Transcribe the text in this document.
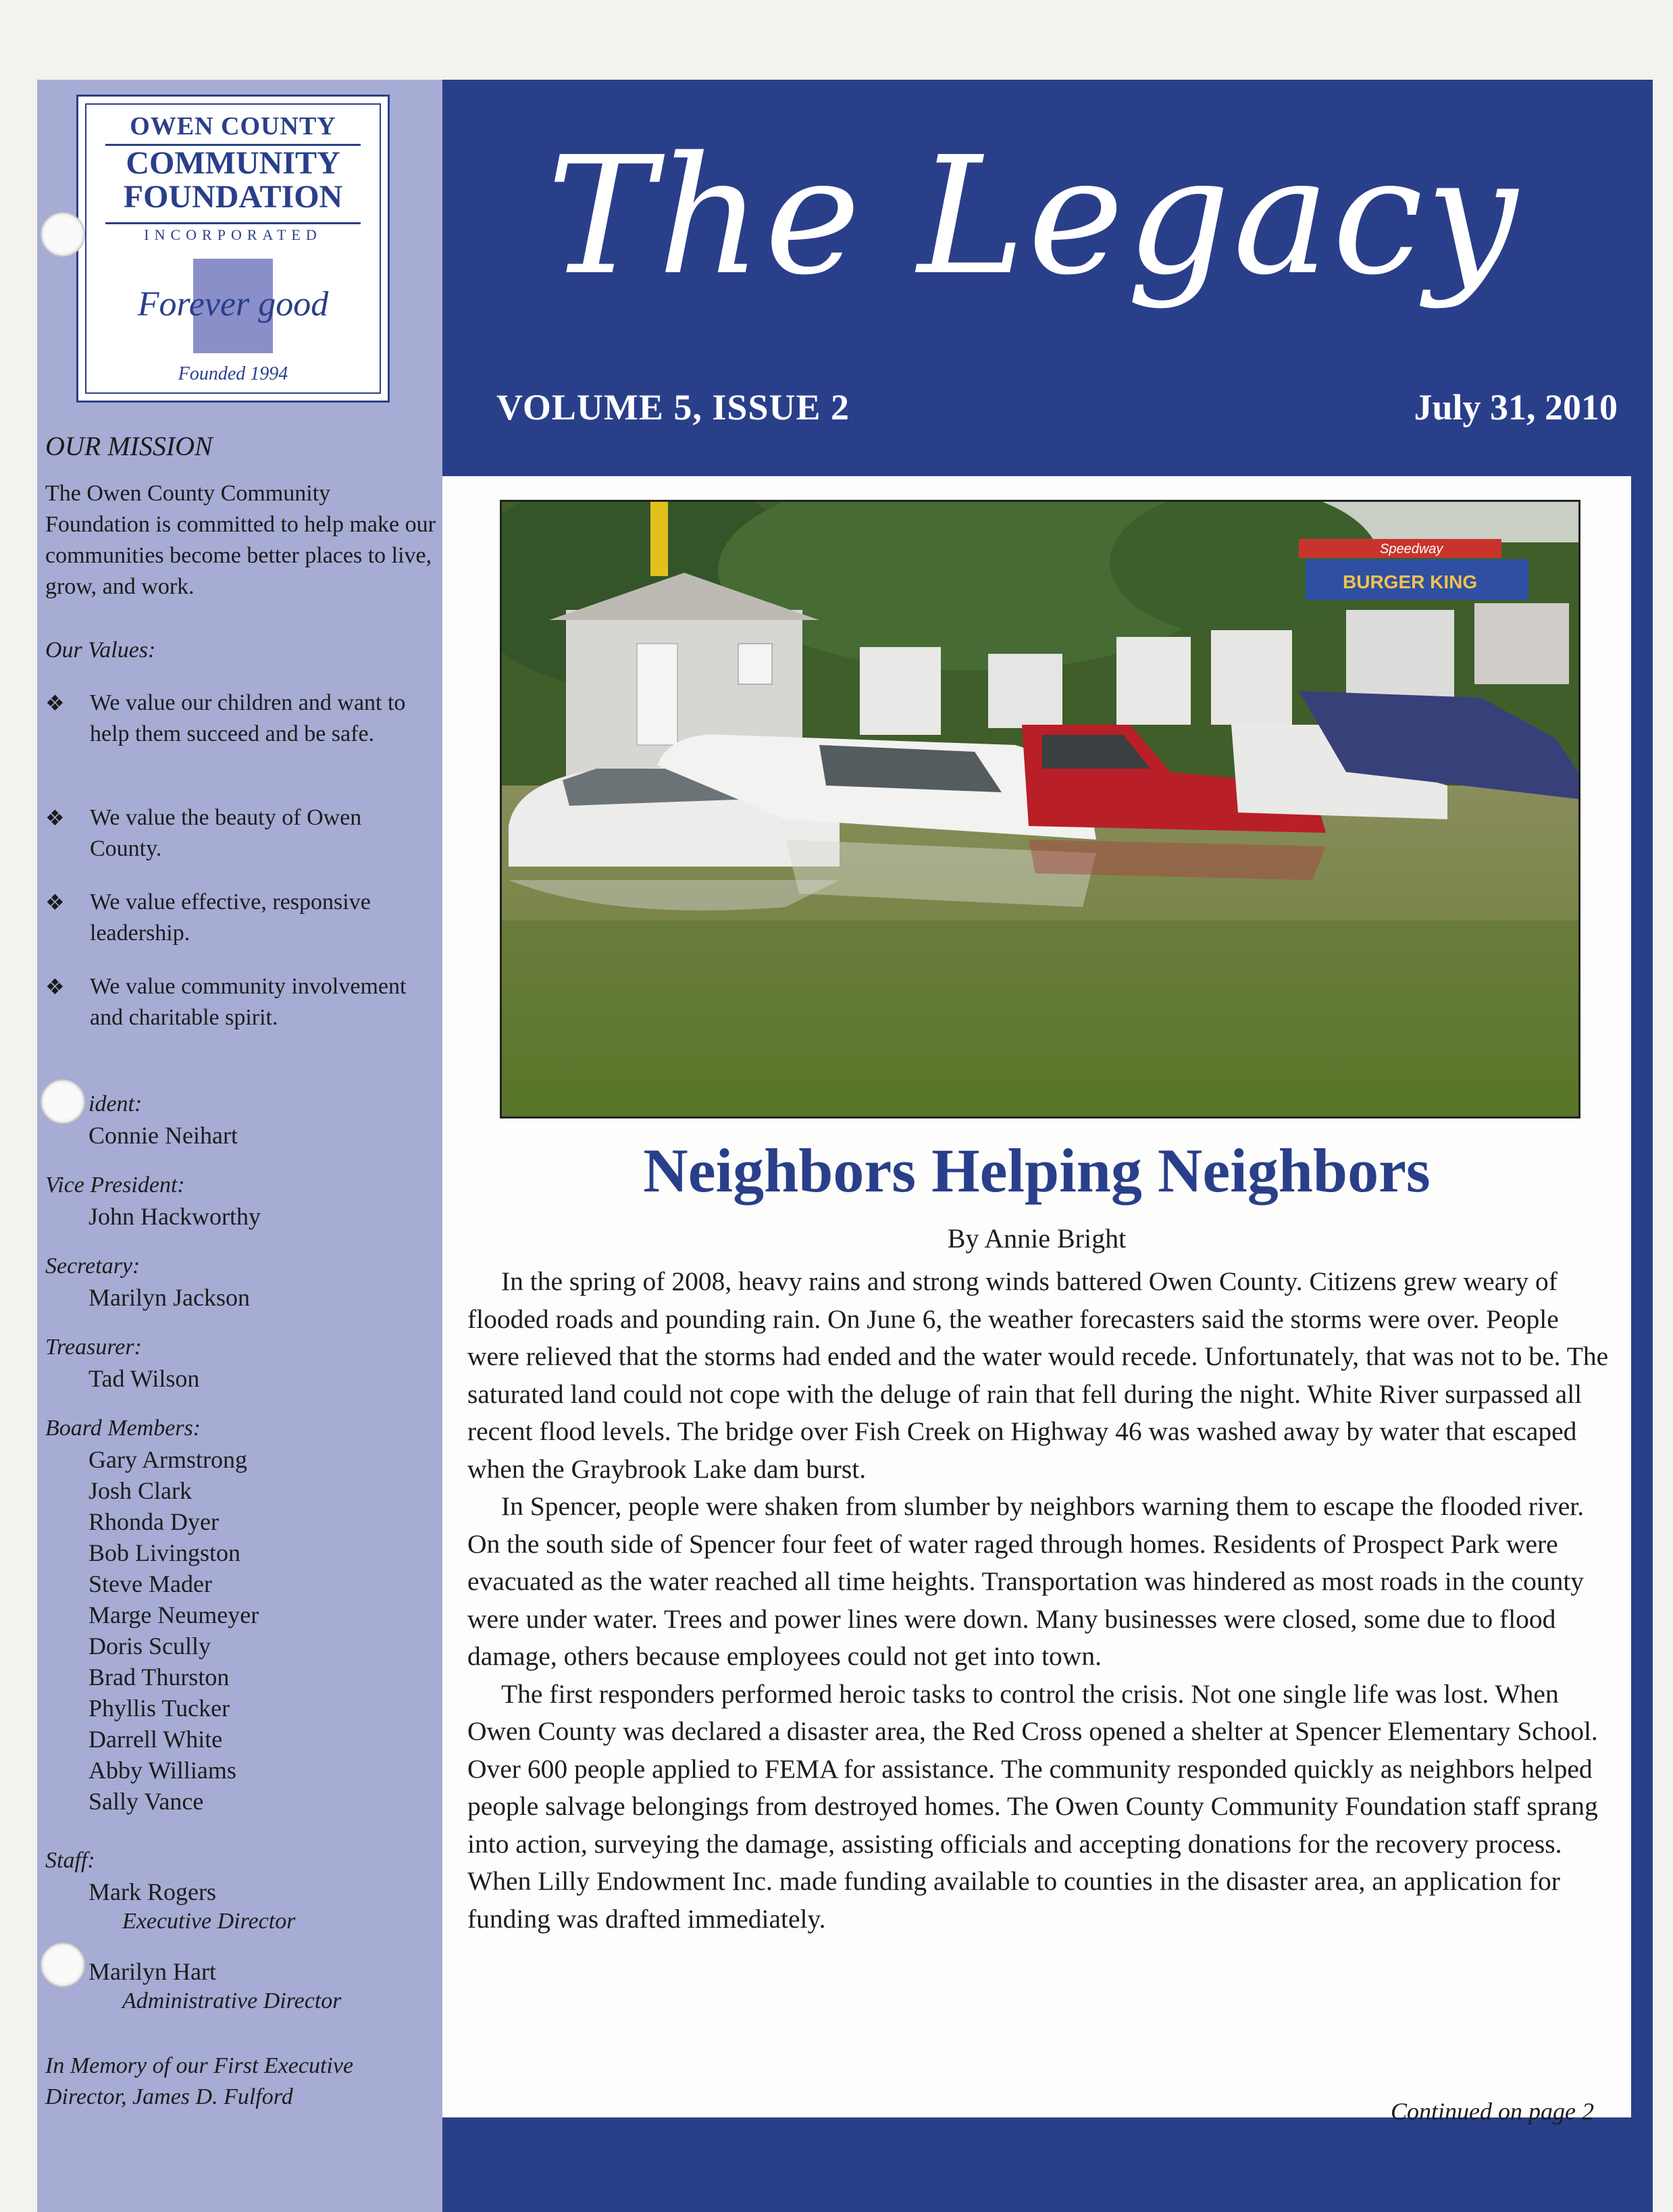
OWEN COUNTY
COMMUNITY
FOUNDATION
INCORPORATED
Forever good
Founded 1994
OUR MISSION
The Owen County Community Foundation is committed to help make our communities become better places to live, grow, and work.
Our Values:
❖ We value our children and want to help them succeed and be safe.
❖ We value the beauty of Owen County.
❖ We value effective, responsive leadership.
❖ We value community involvement and charitable spirit.
ident:
Connie Neihart
Vice President:
John Hackworthy
Secretary:
Marilyn Jackson
Treasurer:
Tad Wilson
Board Members:
Gary Armstrong
Josh Clark
Rhonda Dyer
Bob Livingston
Steve Mader
Marge Neumeyer
Doris Scully
Brad Thurston
Phyllis Tucker
Darrell White
Abby Williams
Sally Vance
Staff:
Mark Rogers
Executive Director
Marilyn Hart
Administrative Director
In Memory of our First Executive Director, James D. Fulford
The Legacy
VOLUME 5, ISSUE 2	July 31, 2010
Speedway
BURGER KING
Neighbors Helping Neighbors
By Annie Bright

In the spring of 2008, heavy rains and strong winds battered Owen County. Citizens grew weary of flooded roads and pounding rain. On June 6, the weather forecasters said the storms were over. People were relieved that the storms had ended and the water would recede. Unfortunately, that was not to be. The saturated land could not cope with the deluge of rain that fell during the night. White River surpassed all recent flood levels. The bridge over Fish Creek on Highway 46 was washed away by water that escaped when the Graybrook Lake dam burst.

In Spencer, people were shaken from slumber by neighbors warning them to escape the flooded river. On the south side of Spencer four feet of water raged through homes. Residents of Prospect Park were evacuated as the water reached all time heights. Transportation was hindered as most roads in the county were under water. Trees and power lines were down. Many businesses were closed, some due to flood damage, others because employees could not get into town.

The first responders performed heroic tasks to control the crisis. Not one single life was lost. When Owen County was declared a disaster area, the Red Cross opened a shelter at Spencer Elementary School. Over 600 people applied to FEMA for assistance. The community responded quickly as neighbors helped people salvage belongings from destroyed homes. The Owen County Community Foundation staff sprang into action, surveying the damage, assisting officials and accepting donations for the recovery process. When Lilly Endowment Inc. made funding available to counties in the disaster area, an application for funding was drafted immediately.

Continued on page 2
